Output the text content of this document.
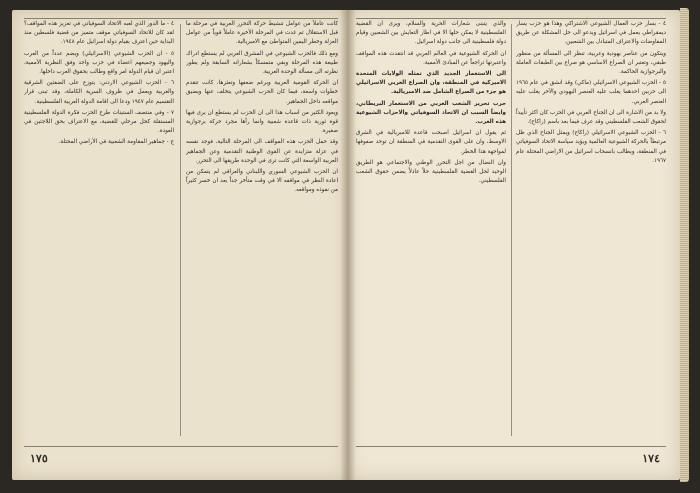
كانت عاملاً من عوامل تنشيط حركة التحرر العربية في مرحلة ما قبل الاستقلال ثم غدت في المرحلة الأخيرة عاملاً قوياً من عوامل العزلة وخطر اليمين المتواطئ مع الامبريالية.

ومع ذلك فالحزب الشيوعي في المشرق العربي لم يستطع ادراك طبيعة هذه المرحلة وبقي متمسكاً بشعاراته السابقة ولم يطور نظرته الى مسألة الوحدة العربية.

ان الحركة القومية العربية وبرغم ضعفها وتعثرها، كانت تتقدم خطوات واسعة، فيما كان الحزب الشيوعي يتخلف عنها ويضيق مواقعه داخل الجماهير.

ويعود الكثير من اسباب هذا الى ان الحزب لم يستطع ان يرى فيها قوة ثورية ذات قاعدة شعبية وانما رآها مجرد حركة برجوازية صغيرة.

وقد حمل الحزب هذه المواقف الى المرحلة التالية، فوجد نفسه في عزلة متزايدة عن القوى الوطنية التقدمية وعن الجماهير العربية الواسعة التي كانت ترى في الوحدة طريقها الى التحرر.

ان الحزب الشيوعي السوري واللبناني والعراقي لم يتمكن من اعادة النظر في مواقفه الا في وقت متأخر جداً بعد ان خسر كثيراً من نفوذه ومواقعه.

٤ - ما الدور الذي لعبه الاتحاد السوفياتي في تعزيز هذه المواقف؟ لقد كان للاتحاد السوفياتي موقف متميز من قضية فلسطين منذ البداية حين اعترف بقيام دولة اسرائيل عام ١٩٤٨.

٥ - ان الحزب الشيوعي (الاسرائيلي) ويضم عدداً من العرب واليهود وجميعهم اعضاء في حزب واحد وفق النظرية الأممية، اعتبر ان قيام الدولة امر واقع وطالب بحقوق العرب داخلها.

٦ - الحزب الشيوعي الاردني: يتوزع على الضفتين الشرقية والغربية ويعمل في ظروف السرية الكاملة، وقد تبنى قرار التقسيم عام ١٩٤٧ ودعا الى اقامة الدولة العربية الفلسطينية.

٧ - وفي منتصف الستينات طرح الحزب فكرة الدولة الفلسطينية المستقلة كحل مرحلي للقضية، مع الاعتراف بحق اللاجئين في العودة.

ج - جماهير المقاومة الشعبية في الأراضي المحتلة.

١٧٥

٤ - بسار حزب العمال الشيوعي الاشتراكي وهذا هو حزب يسار ديمقراطي يعمل في اسرائيل ويدعو الى حل المشكلة عن طريق المفاوضات والاعتراف المتبادل بين الشعبين.

ويتكون من عناصر يهودية وعربية، تنظر الى المسألة من منظور طبقي، وتعتبر ان الصراع الاساسي هو صراع بين الطبقات العاملة والبرجوازية الحاكمة.

٥ - الحزب الشيوعي الاسرائيلي (ماكي) وقد انشق في عام ١٩٦٥ الى حزبين احدهما يغلب عليه العنصر اليهودي والآخر يغلب عليه العنصر العربي.

ولا بد من الاشارة الى ان الجناح العربي في الحزب كان اكثر تأييداً لحقوق الشعب الفلسطيني وقد عرف فيما بعد باسم (راكاح).

٦ - الحزب الشيوعي الاسرائيلي (راكاح) ويمثل الجناح الذي ظل مرتبطاً بالحركة الشيوعية العالمية ويؤيد سياسة الاتحاد السوفياتي في المنطقة، ويطالب بانسحاب اسرائيل من الاراضي المحتلة عام ١٩٦٧.

والذي يتبنى شعارات الحرية والسلام، ويرى ان القضية الفلسطينية لا يمكن حلها الا في اطار التعايش بين الشعبين وقيام دولة فلسطينية الى جانب دولة اسرائيل.

ان الحركة الشيوعية في العالم العربي قد انتقدت هذه المواقف واعتبرتها تراجعاً عن المبادئ الأممية.

الى الاستعمار الجديد الذي تمثله الولايات المتحدة الاميركية في المنطقة، وان الصراع العربي الاسرائيلي هو جزء من الصراع الشامل ضد الامبريالية.

حرب تحرير الشعب العربي من الاستعمار البريطاني، وايضاً السبب ان الاتحاد السوفياتي والاحزاب الشيوعية هذه العرب.

ثم يقول ان اسرائيل اصبحت قاعدة للامبريالية في الشرق الاوسط، وان على القوى التقدمية في المنطقة ان توحد صفوفها لمواجهة هذا الخطر.

وان النضال من اجل التحرر الوطني والاجتماعي هو الطريق الوحيد لحل القضية الفلسطينية حلاً عادلاً يضمن حقوق الشعب الفلسطيني.

١٧٤
